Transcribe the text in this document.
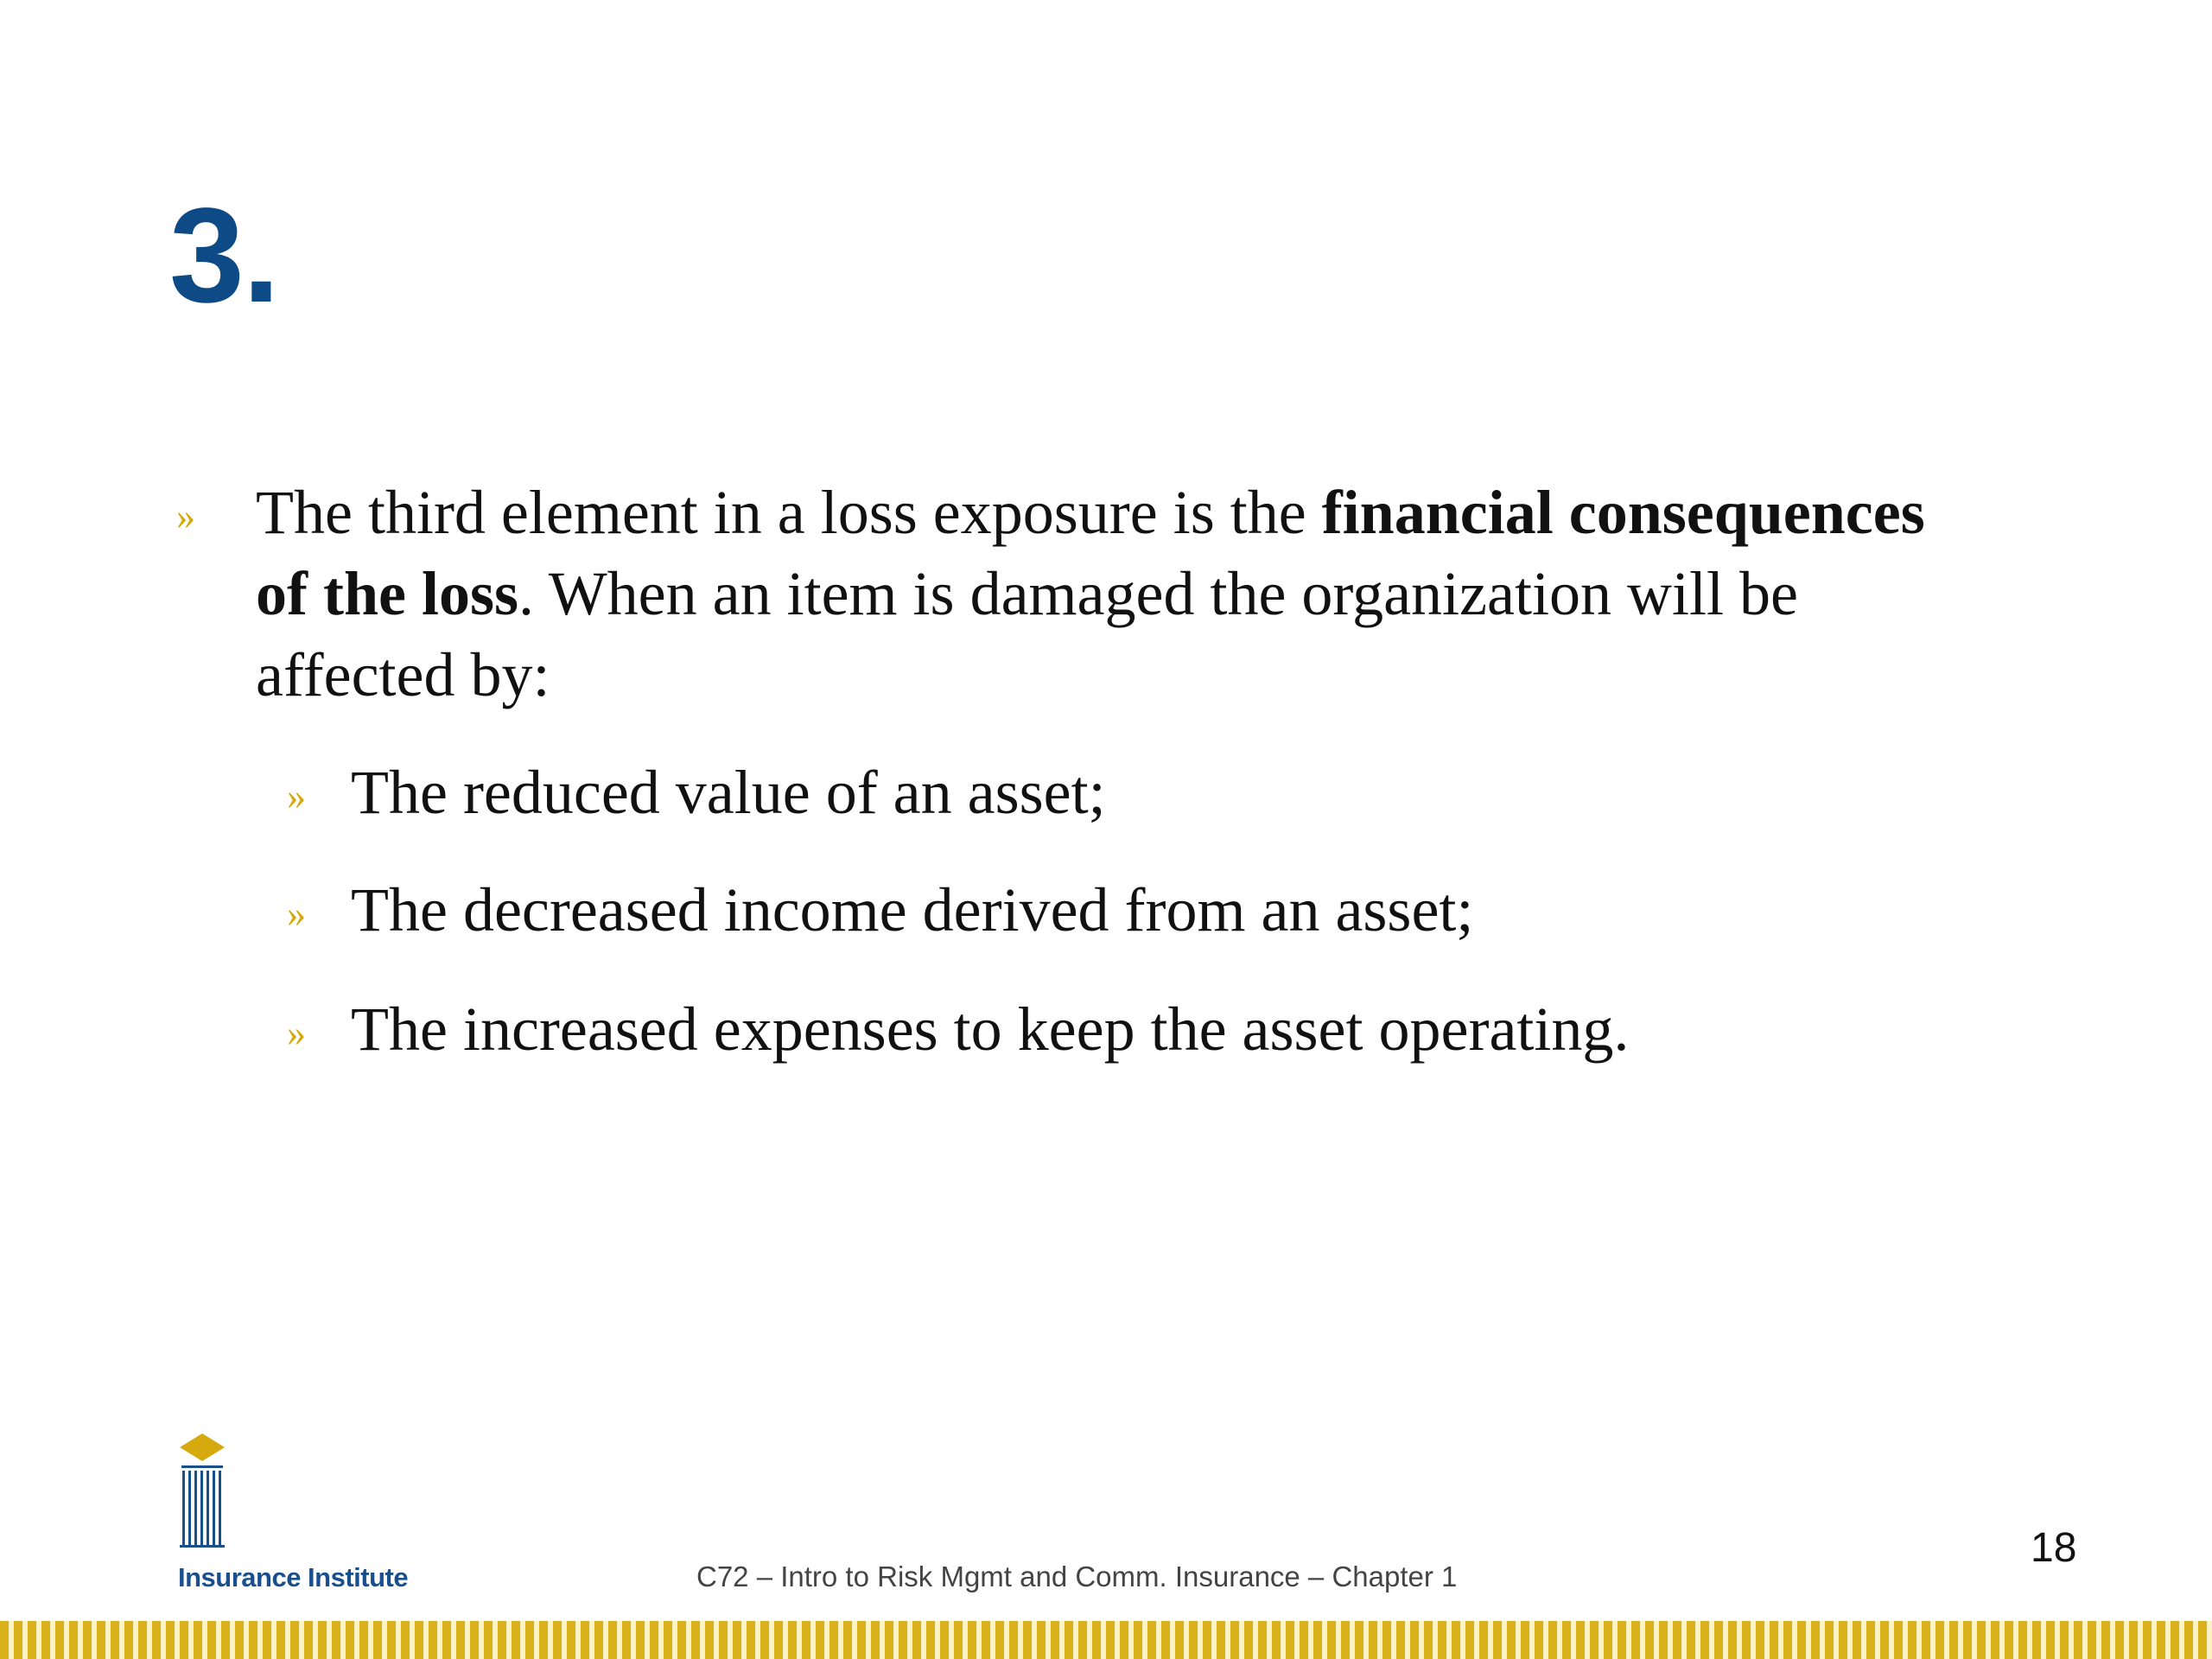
3.
» The third element in a loss exposure is the financial consequences of the loss. When an item is damaged the organization will be affected by:
» The reduced value of an asset;
» The decreased income derived from an asset;
» The increased expenses to keep the asset operating.
Insurance Institute	C72 – Intro to Risk Mgmt and Comm. Insurance – Chapter 1
18
